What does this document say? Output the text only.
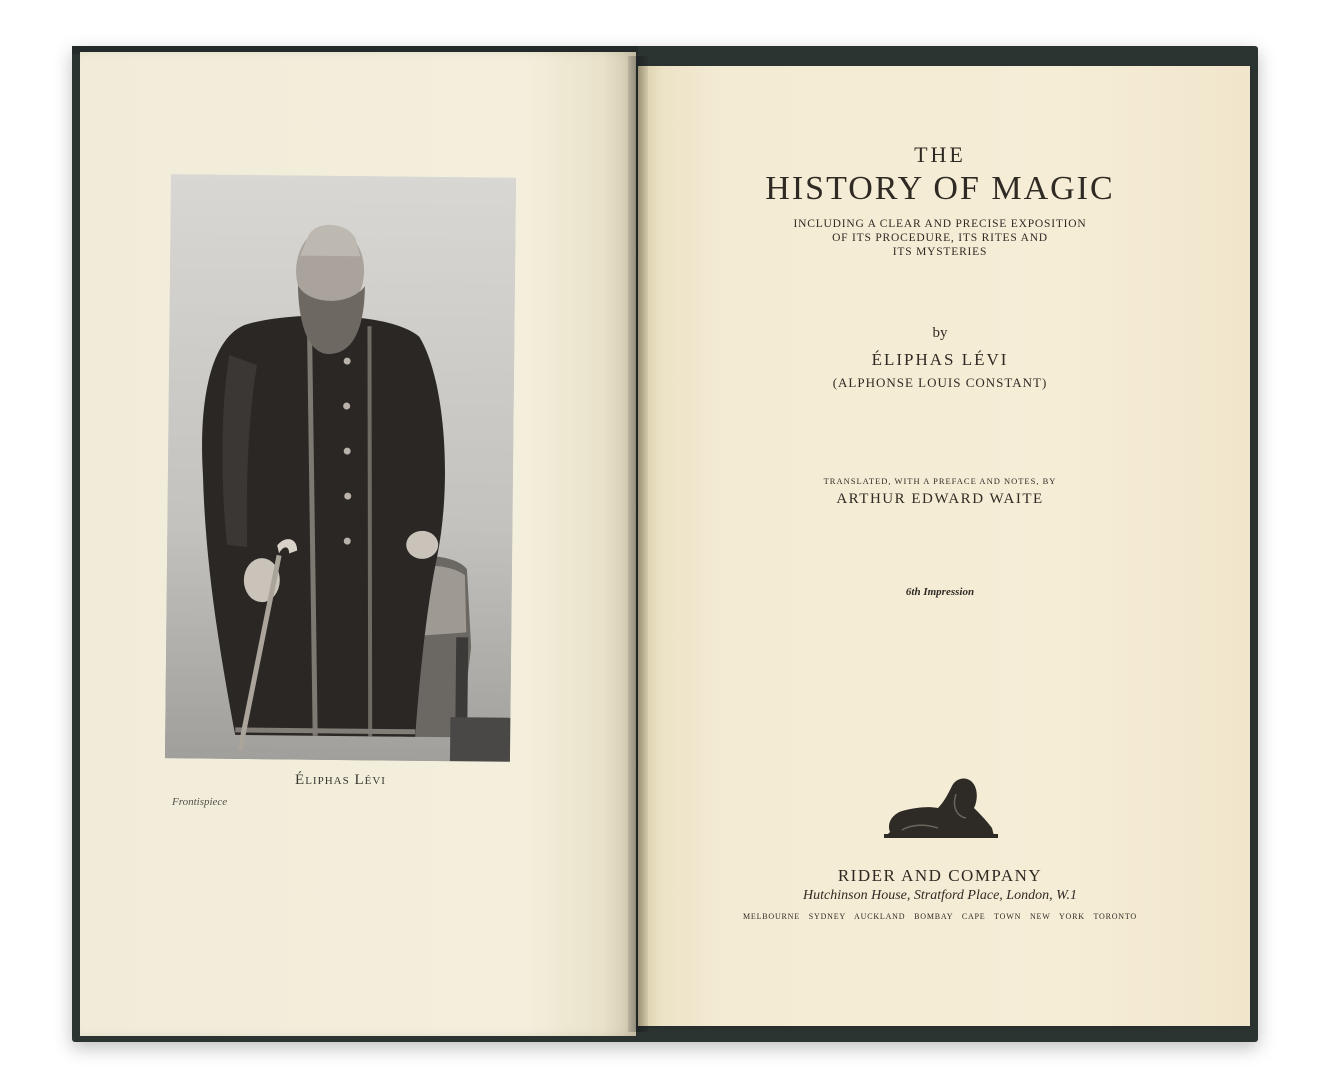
Éliphas Lévi
Frontispiece
THE
HISTORY OF MAGIC
INCLUDING A CLEAR AND PRECISE EXPOSITION
OF ITS PROCEDURE, ITS RITES AND
ITS MYSTERIES
by
ÉLIPHAS LÉVI
(ALPHONSE LOUIS CONSTANT)
TRANSLATED, WITH A PREFACE AND NOTES, BY
ARTHUR EDWARD WAITE
6th Impression
RIDER AND COMPANY
Hutchinson House, Stratford Place, London, W.1
MELBOURNE SYDNEY AUCKLAND BOMBAY CAPE TOWN NEW YORK TORONTO
